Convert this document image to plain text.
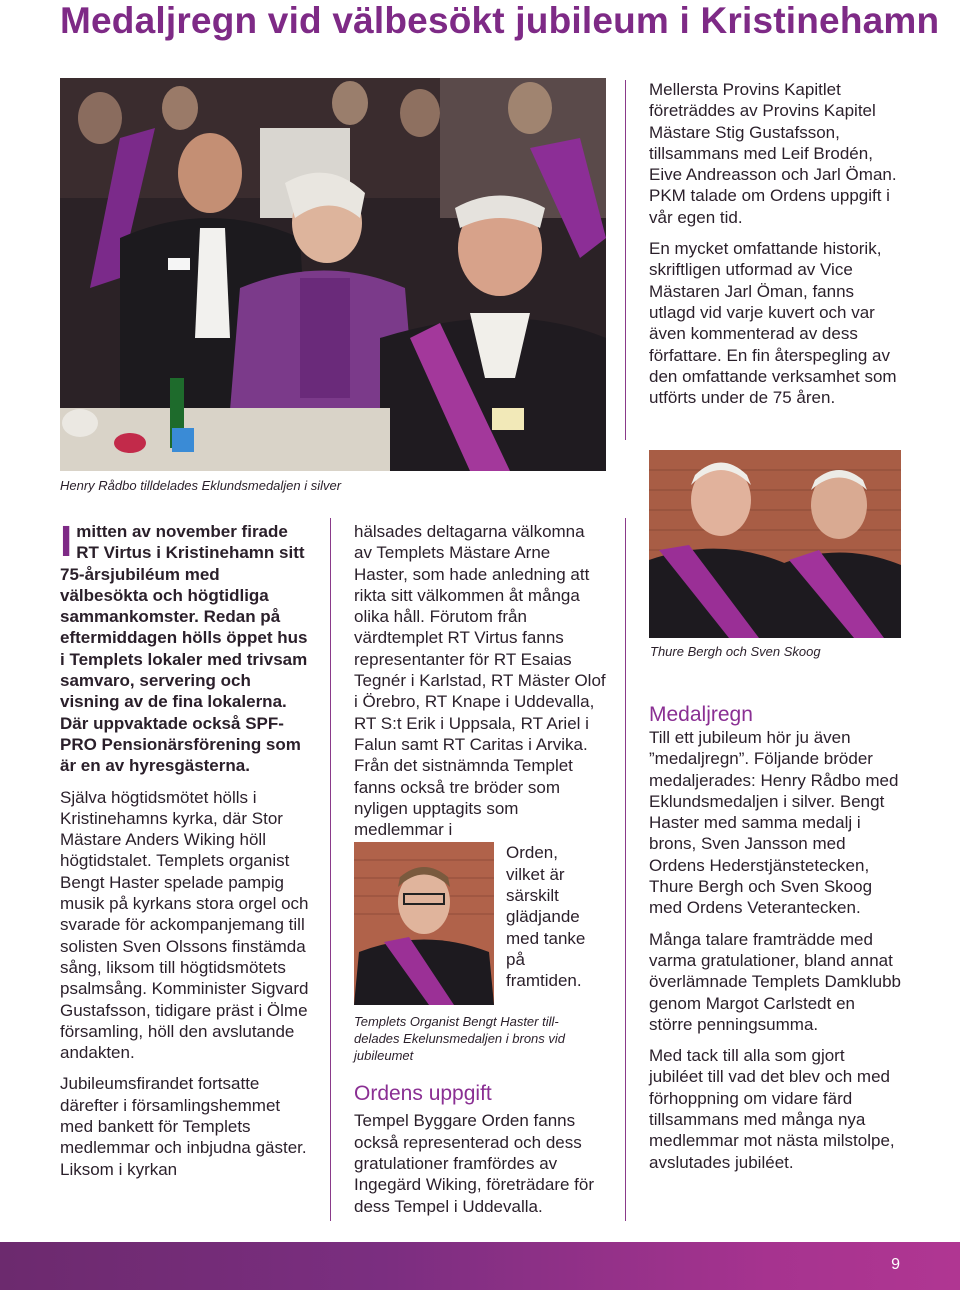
Medaljregn vid välbesökt jubileum i Kristinehamn
Henry Rådbo tilldelades Eklundsmedaljen i silver

Mellersta Provins Kapitlet företräddes av Provins Kapitel Mästare Stig Gustafsson, tillsammans med Leif Brodén, Eive Andreasson och Jarl Öman. PKM talade om Ordens uppgift i vår egen tid.

En mycket omfattande historik, skriftligen utformad av Vice Mästaren Jarl Öman, fanns utlagd vid varje kuvert och var även kommenterad av dess författare. En fin återspegling av den omfattande verksamhet som utförts under de 75 åren.

Thure Bergh och Sven Skoog

Imitten av november firade RT Virtus i Kristinehamn sitt 75-årsjubiléum med välbesökta och högtidliga sammankomster. Redan på eftermiddagen hölls öppet hus i Templets lokaler med trivsam samvaro, servering och visning av de fina lokalerna. Där uppvaktade också SPF-PRO Pensionärsförening som är en av hyresgästerna.

Själva högtidsmötet hölls i Kristinehamns kyrka, där Stor Mästare Anders Wiking höll högtidstalet. Templets organist Bengt Haster spelade pampig musik på kyrkans stora orgel och svarade för ackompanjemang till solisten Sven Olssons finstämda sång, liksom till högtidsmötets psalmsång. Komminister Sigvard Gustafsson, tidigare präst i Ölme församling, höll den avslutande andakten.

Jubileumsfirandet fortsatte därefter i församlingshemmet med bankett för Templets medlemmar och inbjudna gäster. Liksom i kyrkan

hälsades deltagarna välkomna av Templets Mästare Arne Haster, som hade anledning att rikta sitt välkommen åt många olika håll. Förutom från värdtemplet RT Virtus fanns representanter för RT Esaias Tegnér i Karlstad, RT Mäster Olof i Örebro, RT Knape i Uddevalla, RT S:t Erik i Uppsala, RT Ariel i Falun samt RT Caritas i Arvika. Från det sistnämnda Templet fanns också tre bröder som nyligen upptagits som medlemmar i

Orden, vilket är särskilt glädjande med tanke på framtiden.

Templets Organist Bengt Haster till-
delades Ekelunsmedaljen i brons vid
jubileumet
Ordens uppgift

Tempel Byggare Orden fanns också representerad och dess gratulationer framfördes av Ingegärd Wiking, företrädare för dess Tempel i Uddevalla.

Medaljregn

Till ett jubileum hör ju även ”medaljregn”. Följande bröder medaljerades: Henry Rådbo med Eklundsmedaljen i silver. Bengt Haster med samma medalj i brons, Sven Jansson med Ordens Hederstjänstetecken, Thure Bergh och Sven Skoog med Ordens Veterantecken.

Många talare framträdde med varma gratulationer, bland annat överlämnade Templets Damklubb genom Margot Carlstedt en större penningsumma.

Med tack till alla som gjort jubiléet till vad det blev och med förhoppning om vidare färd tillsammans med många nya medlemmar mot nästa milstolpe, avslutades jubiléet.

9
